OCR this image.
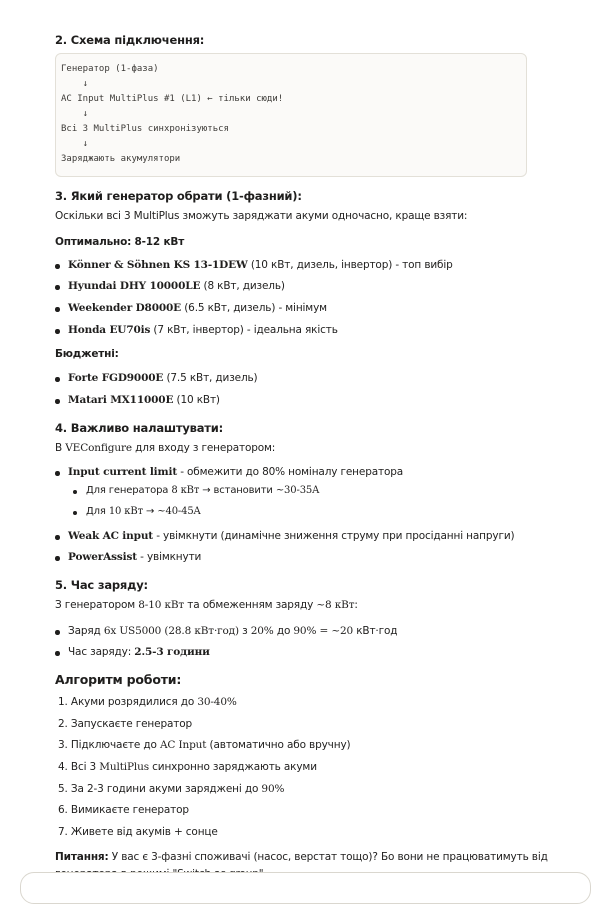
2. Схема підключення:
Генератор (1-фаза)
↓
AC Input MultiPlus #1 (L1) ← тільки сюди!
↓
Всі 3 MultiPlus синхронізуються
↓
Заряджають акумулятори
3. Який генератор обрати (1-фазний):
Оскільки всі 3 MultiPlus зможуть заряджати акуми одночасно, краще взяти:
Оптимально: 8-12 кВт
Könner & Söhnen KS 13-1DEW (10 кВт, дизель, інвертор) - топ вибір
Hyundai DHY 10000LE (8 кВт, дизель)
Weekender D8000E (6.5 кВт, дизель) - мінімум
Honda EU70is (7 кВт, інвертор) - ідеальна якість
Бюджетні:
Forte FGD9000E (7.5 кВт, дизель)
Matari MX11000E (10 кВт)
4. Важливо налаштувати:
В VEConfigure для входу з генератором:
Input current limit - обмежити до 80% номіналу генератора
Для генератора 8 кВт → встановити ~30-35A
Для 10 кВт → ~40-45A
Weak AC input - увімкнути (динамічне зниження струму при просіданні напруги)
PowerAssist - увімкнути
5. Час заряду:
З генератором 8-10 кВт та обмеженням заряду ~8 кВт:
Заряд 6x US5000 (28.8 кВт·год) з 20% до 90% = ~20 кВт·год
Час заряду: 2.5-3 години
Алгоритм роботи:
1. Акуми розрядилися до 30-40%
2. Запускаєте генератор
3. Підключаєте до AC Input (автоматично або вручну)
4. Всі 3 MultiPlus синхронно заряджають акуми
5. За 2-3 години акуми заряджені до 90%
6. Вимикаєте генератор
7. Живете від акумів + сонце
Питання: У вас є 3-фазні споживачі (насос, верстат тощо)? Бо вони не працюватимуть від
